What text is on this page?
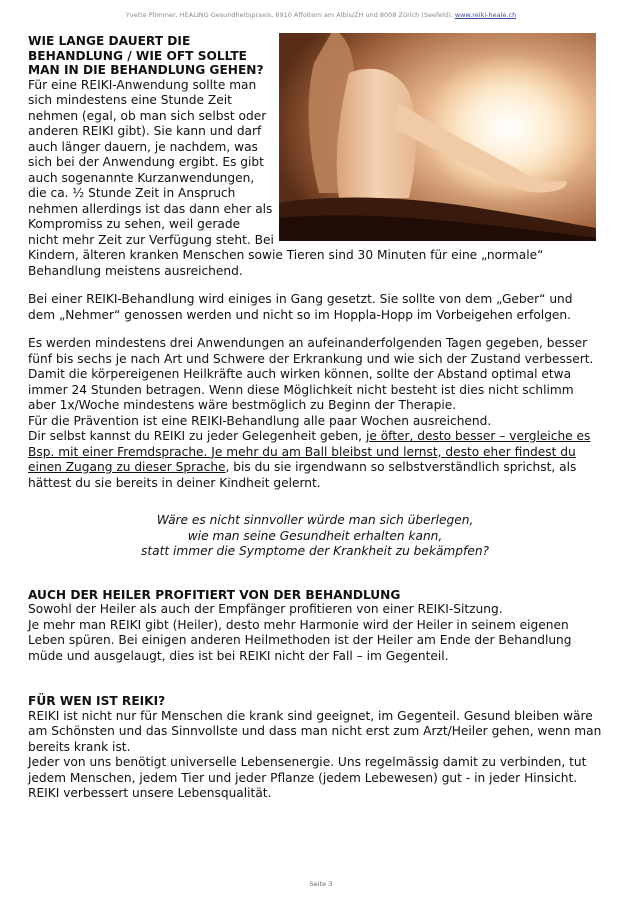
Yvette Plimmer, HEALING Gesundheitspraxis, 8910 Affoltern am Albis/ZH und 8008 Zürich (Seefeld). www.reiki-heale.ch
WIE LANGE DAUERT DIE BEHANDLUNG / WIE OFT SOLLTE MAN IN DIE BEHANDLUNG GEHEN?

Für eine REIKI-Anwendung sollte man sich mindestens eine Stunde Zeit nehmen (egal, ob man sich selbst oder anderen REIKI gibt). Sie kann und darf auch länger dauern, je nachdem, was sich bei der Anwendung ergibt. Es gibt auch sogenannte Kurzanwendungen, die ca. ½ Stunde Zeit in Anspruch nehmen allerdings ist das dann eher als Kompromiss zu sehen, weil gerade nicht mehr Zeit zur Verfügung steht. Bei Kindern, älteren kranken Menschen sowie Tieren sind 30 Minuten für eine „normale“ Behandlung meistens ausreichend.

Bei einer REIKI-Behandlung wird einiges in Gang gesetzt. Sie sollte von dem „Geber“ und dem „Nehmer“ genossen werden und nicht so im Hoppla-Hopp im Vorbeigehen erfolgen.

Es werden mindestens drei Anwendungen an aufeinanderfolgenden Tagen gegeben, besser fünf bis sechs je nach Art und Schwere der Erkrankung und wie sich der Zustand verbessert.

Damit die körpereigenen Heilkräfte auch wirken können, sollte der Abstand optimal etwa immer 24 Stunden betragen. Wenn diese Möglichkeit nicht besteht ist dies nicht schlimm aber 1x/Woche mindestens wäre bestmöglich zu Beginn der Therapie.

Für die Prävention ist eine REIKI-Behandlung alle paar Wochen ausreichend.

Dir selbst kannst du REIKI zu jeder Gelegenheit geben, je öfter, desto besser – vergleiche es Bsp. mit einer Fremdsprache. Je mehr du am Ball bleibst und lernst, desto eher findest du einen Zugang zu dieser Sprache, bis du sie irgendwann so selbstverständlich sprichst, als hättest du sie bereits in deiner Kindheit gelernt.

Wäre es nicht sinnvoller würde man sich überlegen,
wie man seine Gesundheit erhalten kann,
statt immer die Symptome der Krankheit zu bekämpfen?
AUCH DER HEILER PROFITIERT VON DER BEHANDLUNG

Sowohl der Heiler als auch der Empfänger profitieren von einer REIKI-Sitzung.

Je mehr man REIKI gibt (Heiler), desto mehr Harmonie wird der Heiler in seinem eigenen Leben spüren. Bei einigen anderen Heilmethoden ist der Heiler am Ende der Behandlung müde und ausgelaugt, dies ist bei REIKI nicht der Fall – im Gegenteil.

FÜR WEN IST REIKI?

REIKI ist nicht nur für Menschen die krank sind geeignet, im Gegenteil. Gesund bleiben wäre am Schönsten und das Sinnvollste und dass man nicht erst zum Arzt/Heiler gehen, wenn man bereits krank ist.

Jeder von uns benötigt universelle Lebensenergie. Uns regelmässig damit zu verbinden, tut jedem Menschen, jedem Tier und jeder Pflanze (jedem Lebewesen) gut - in jeder Hinsicht. REIKI verbessert unsere Lebensqualität.

Seite 3
